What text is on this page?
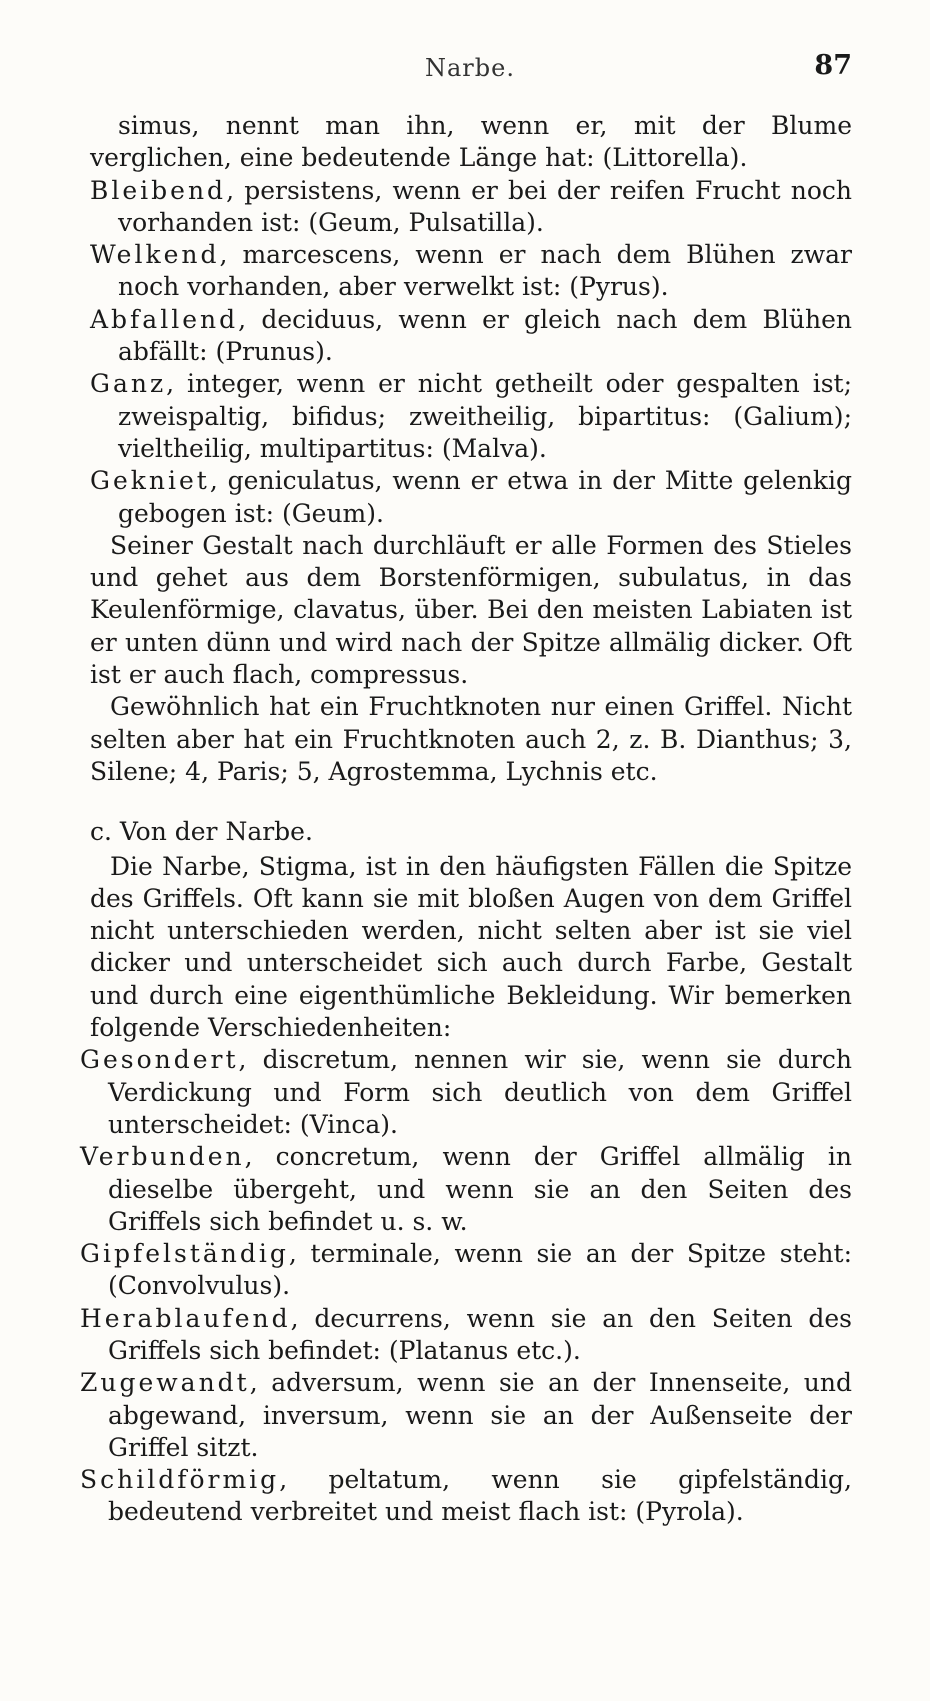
Narbe.	87

simus, nennt man ihn, wenn er, mit der Blume verglichen, eine bedeutende Länge hat: (Littorella).

Bleibend, persistens, wenn er bei der reifen Frucht noch vorhanden ist: (Geum, Pulsatilla).

Welkend, marcescens, wenn er nach dem Blühen zwar noch vorhanden, aber verwelkt ist: (Pyrus).

Abfallend, deciduus, wenn er gleich nach dem Blühen abfällt: (Prunus).

Ganz, integer, wenn er nicht getheilt oder gespalten ist; zweispaltig, bifidus; zweitheilig, bipartitus: (Galium); vieltheilig, multipartitus: (Malva).

Gekniet, geniculatus, wenn er etwa in der Mitte gelenkig gebogen ist: (Geum).

Seiner Gestalt nach durchläuft er alle Formen des Stieles und gehet aus dem Borstenförmigen, subulatus, in das Keulenförmige, clavatus, über. Bei den meisten Labiaten ist er unten dünn und wird nach der Spitze allmälig dicker. Oft ist er auch flach, compressus.

Gewöhnlich hat ein Fruchtknoten nur einen Griffel. Nicht selten aber hat ein Fruchtknoten auch 2, z. B. Dianthus; 3, Silene; 4, Paris; 5, Agrostemma, Lychnis etc.

c. Von der Narbe.

Die Narbe, Stigma, ist in den häufigsten Fällen die Spitze des Griffels. Oft kann sie mit bloßen Augen von dem Griffel nicht unterschieden werden, nicht selten aber ist sie viel dicker und unterscheidet sich auch durch Farbe, Gestalt und durch eine eigenthümliche Bekleidung. Wir bemerken folgende Verschiedenheiten:

Gesondert, discretum, nennen wir sie, wenn sie durch Verdickung und Form sich deutlich von dem Griffel unterscheidet: (Vinca).

Verbunden, concretum, wenn der Griffel allmälig in dieselbe übergeht, und wenn sie an den Seiten des Griffels sich befindet u. s. w.

Gipfelständig, terminale, wenn sie an der Spitze steht: (Convolvulus).

Herablaufend, decurrens, wenn sie an den Seiten des Griffels sich befindet: (Platanus etc.).

Zugewandt, adversum, wenn sie an der Innenseite, und abgewand, inversum, wenn sie an der Außenseite der Griffel sitzt.

Schildförmig, peltatum, wenn sie gipfelständig, bedeutend verbreitet und meist flach ist: (Pyrola).
